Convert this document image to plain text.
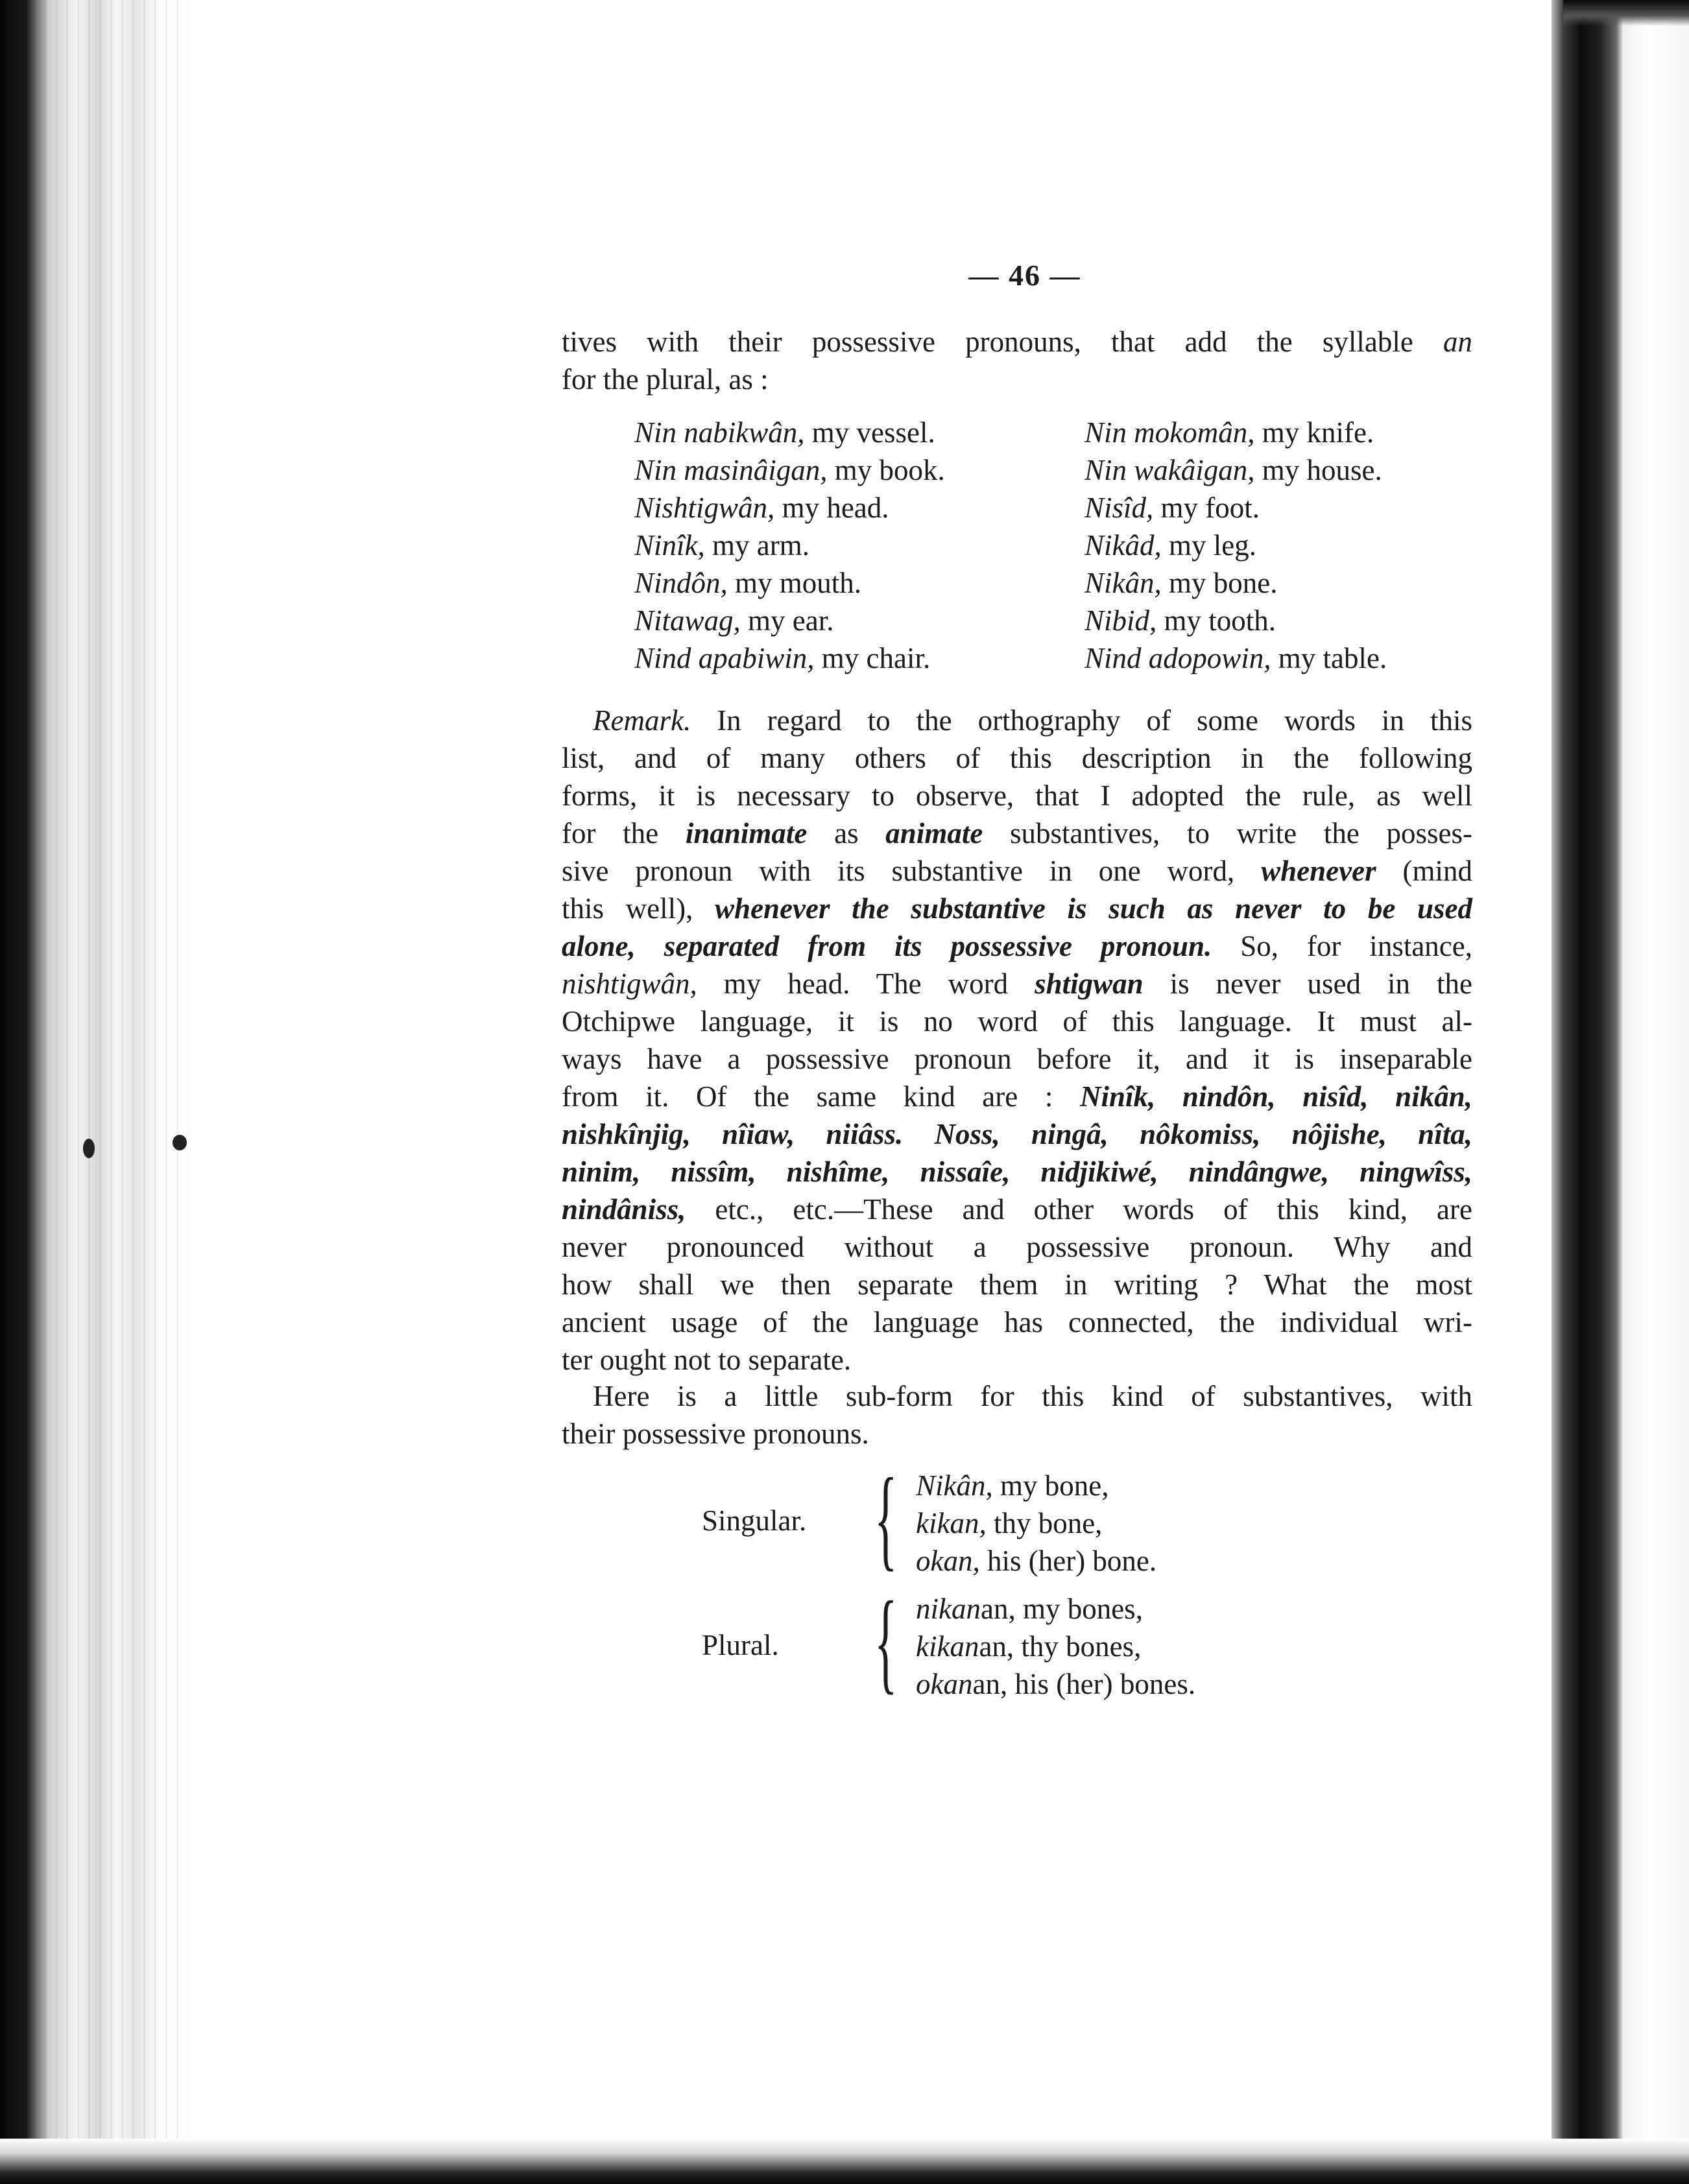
— 46 —

tives with their possessive pronouns, that add the syllable an
for the plural, as :

Nin nabikwân, my vessel.	Nin mokomân, my knife.
Nin masinâigan, my book.	Nin wakâigan, my house.
Nishtigwân, my head.	Nisîd, my foot.
Ninîk, my arm.	Nikâd, my leg.
Nindôn, my mouth.	Nikân, my bone.
Nitawag, my ear.	Nibid, my tooth.
Nind apabiwin, my chair.	Nind adopowin, my table.

Remark. In regard to the orthography of some words in this
list, and of many others of this description in the following
forms, it is necessary to observe, that I adopted the rule, as well
for the inanimate as animate substantives, to write the posses-
sive pronoun with its substantive in one word, whenever (mind
this well), whenever the substantive is such as never to be used
alone, separated from its possessive pronoun. So, for instance,
nishtigwân, my head. The word shtigwan is never used in the
Otchipwe language, it is no word of this language. It must al-
ways have a possessive pronoun before it, and it is inseparable
from it. Of the same kind are : Ninîk, nindôn, nisîd, nikân,
nishkînjig, nîiaw, niiâss. Noss, ningâ, nôkomiss, nôjishe, nîta,
ninim, nissîm, nishîme, nissaîe, nidjikiwé, nindângwe, ningwîss,
nindâniss, etc., etc.—These and other words of this kind, are
never pronounced without a possessive pronoun. Why and
how shall we then separate them in writing ? What the most
ancient usage of the language has connected, the individual wri-
ter ought not to separate.

Here is a little sub-form for this kind of substantives, with
their possessive pronouns.

Singular. { Nikân, my bone,
kikan, thy bone,
okan, his (her) bone.
Plural. { nikanan, my bones,
kikanan, thy bones,
okanan, his (her) bones.
